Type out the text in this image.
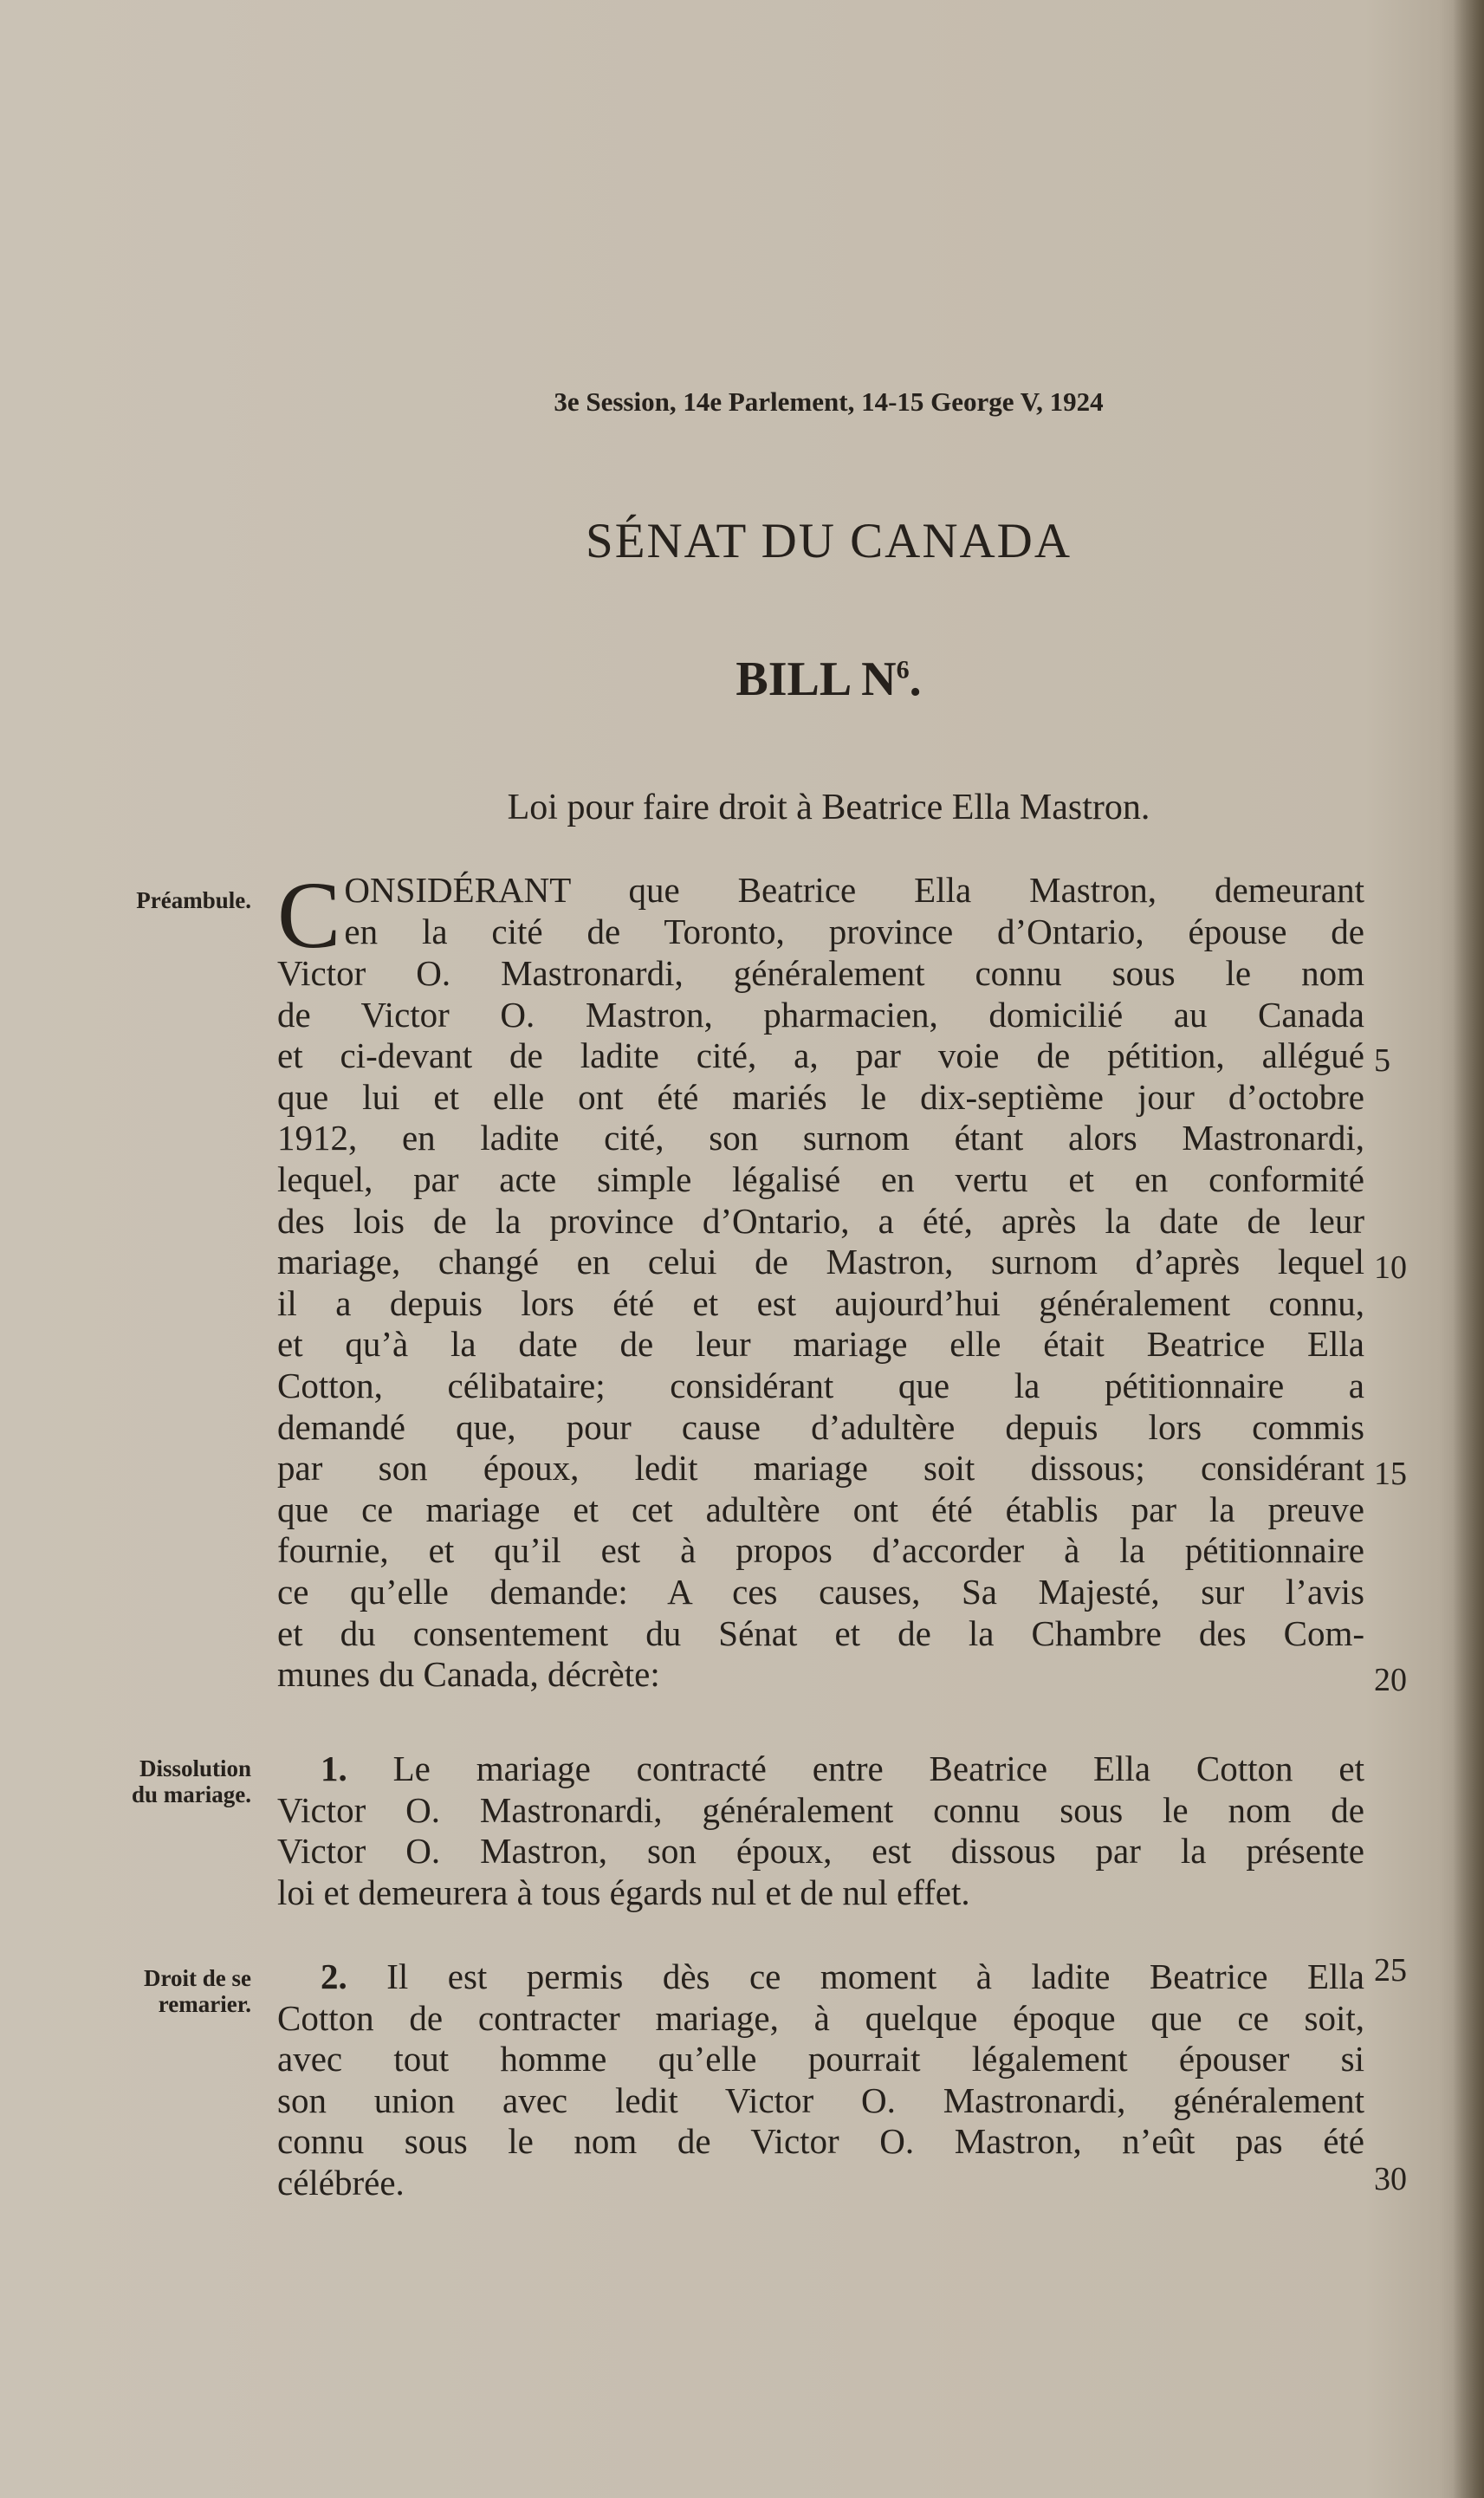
3e Session, 14e Parlement, 14-15 George V, 1924
SÉNAT DU CANADA
BILL $N^6$.
Loi pour faire droit à Beatrice Ella Mastron.
Préambule. C ONSIDÉRANT que Beatrice Ella Mastron, demeurant
en la cité de Toronto, province d’Ontario, épouse de
Victor O. Mastronardi, généralement connu sous le nom
de Victor O. Mastron, pharmacien, domicilié au Canada
et ci-devant de ladite cité, a, par voie de pétition, allégué
que lui et elle ont été mariés le dix-septième jour d’octobre
1912, en ladite cité, son surnom étant alors Mastronardi,
lequel, par acte simple légalisé en vertu et en conformité
des lois de la province d’Ontario, a été, après la date de leur
mariage, changé en celui de Mastron, surnom d’après lequel
il a depuis lors été et est aujourd’hui généralement connu,
et qu’à la date de leur mariage elle était Beatrice Ella
Cotton, célibataire; considérant que la pétitionnaire a
demandé que, pour cause d’adultère depuis lors commis
par son époux, ledit mariage soit dissous; considérant
que ce mariage et cet adultère ont été établis par la preuve
fournie, et qu’il est à propos d’accorder à la pétitionnaire
ce qu’elle demande: A ces causes, Sa Majesté, sur l’avis
et du consentement du Sénat et de la Chambre des Com-
munes du Canada, décrète:
Dissolution
du mariage.
1. Le mariage contracté entre Beatrice Ella Cotton et
Victor O. Mastronardi, généralement connu sous le nom de
Victor O. Mastron, son époux, est dissous par la présente
loi et demeurera à tous égards nul et de nul effet.
Droit de se
remarier.
2. Il est permis dès ce moment à ladite Beatrice Ella
Cotton de contracter mariage, à quelque époque que ce soit,
avec tout homme qu’elle pourrait légalement épouser si
son union avec ledit Victor O. Mastronardi, généralement
connu sous le nom de Victor O. Mastron, n’eût pas été
célébrée.
5
10
15
20
25
30
